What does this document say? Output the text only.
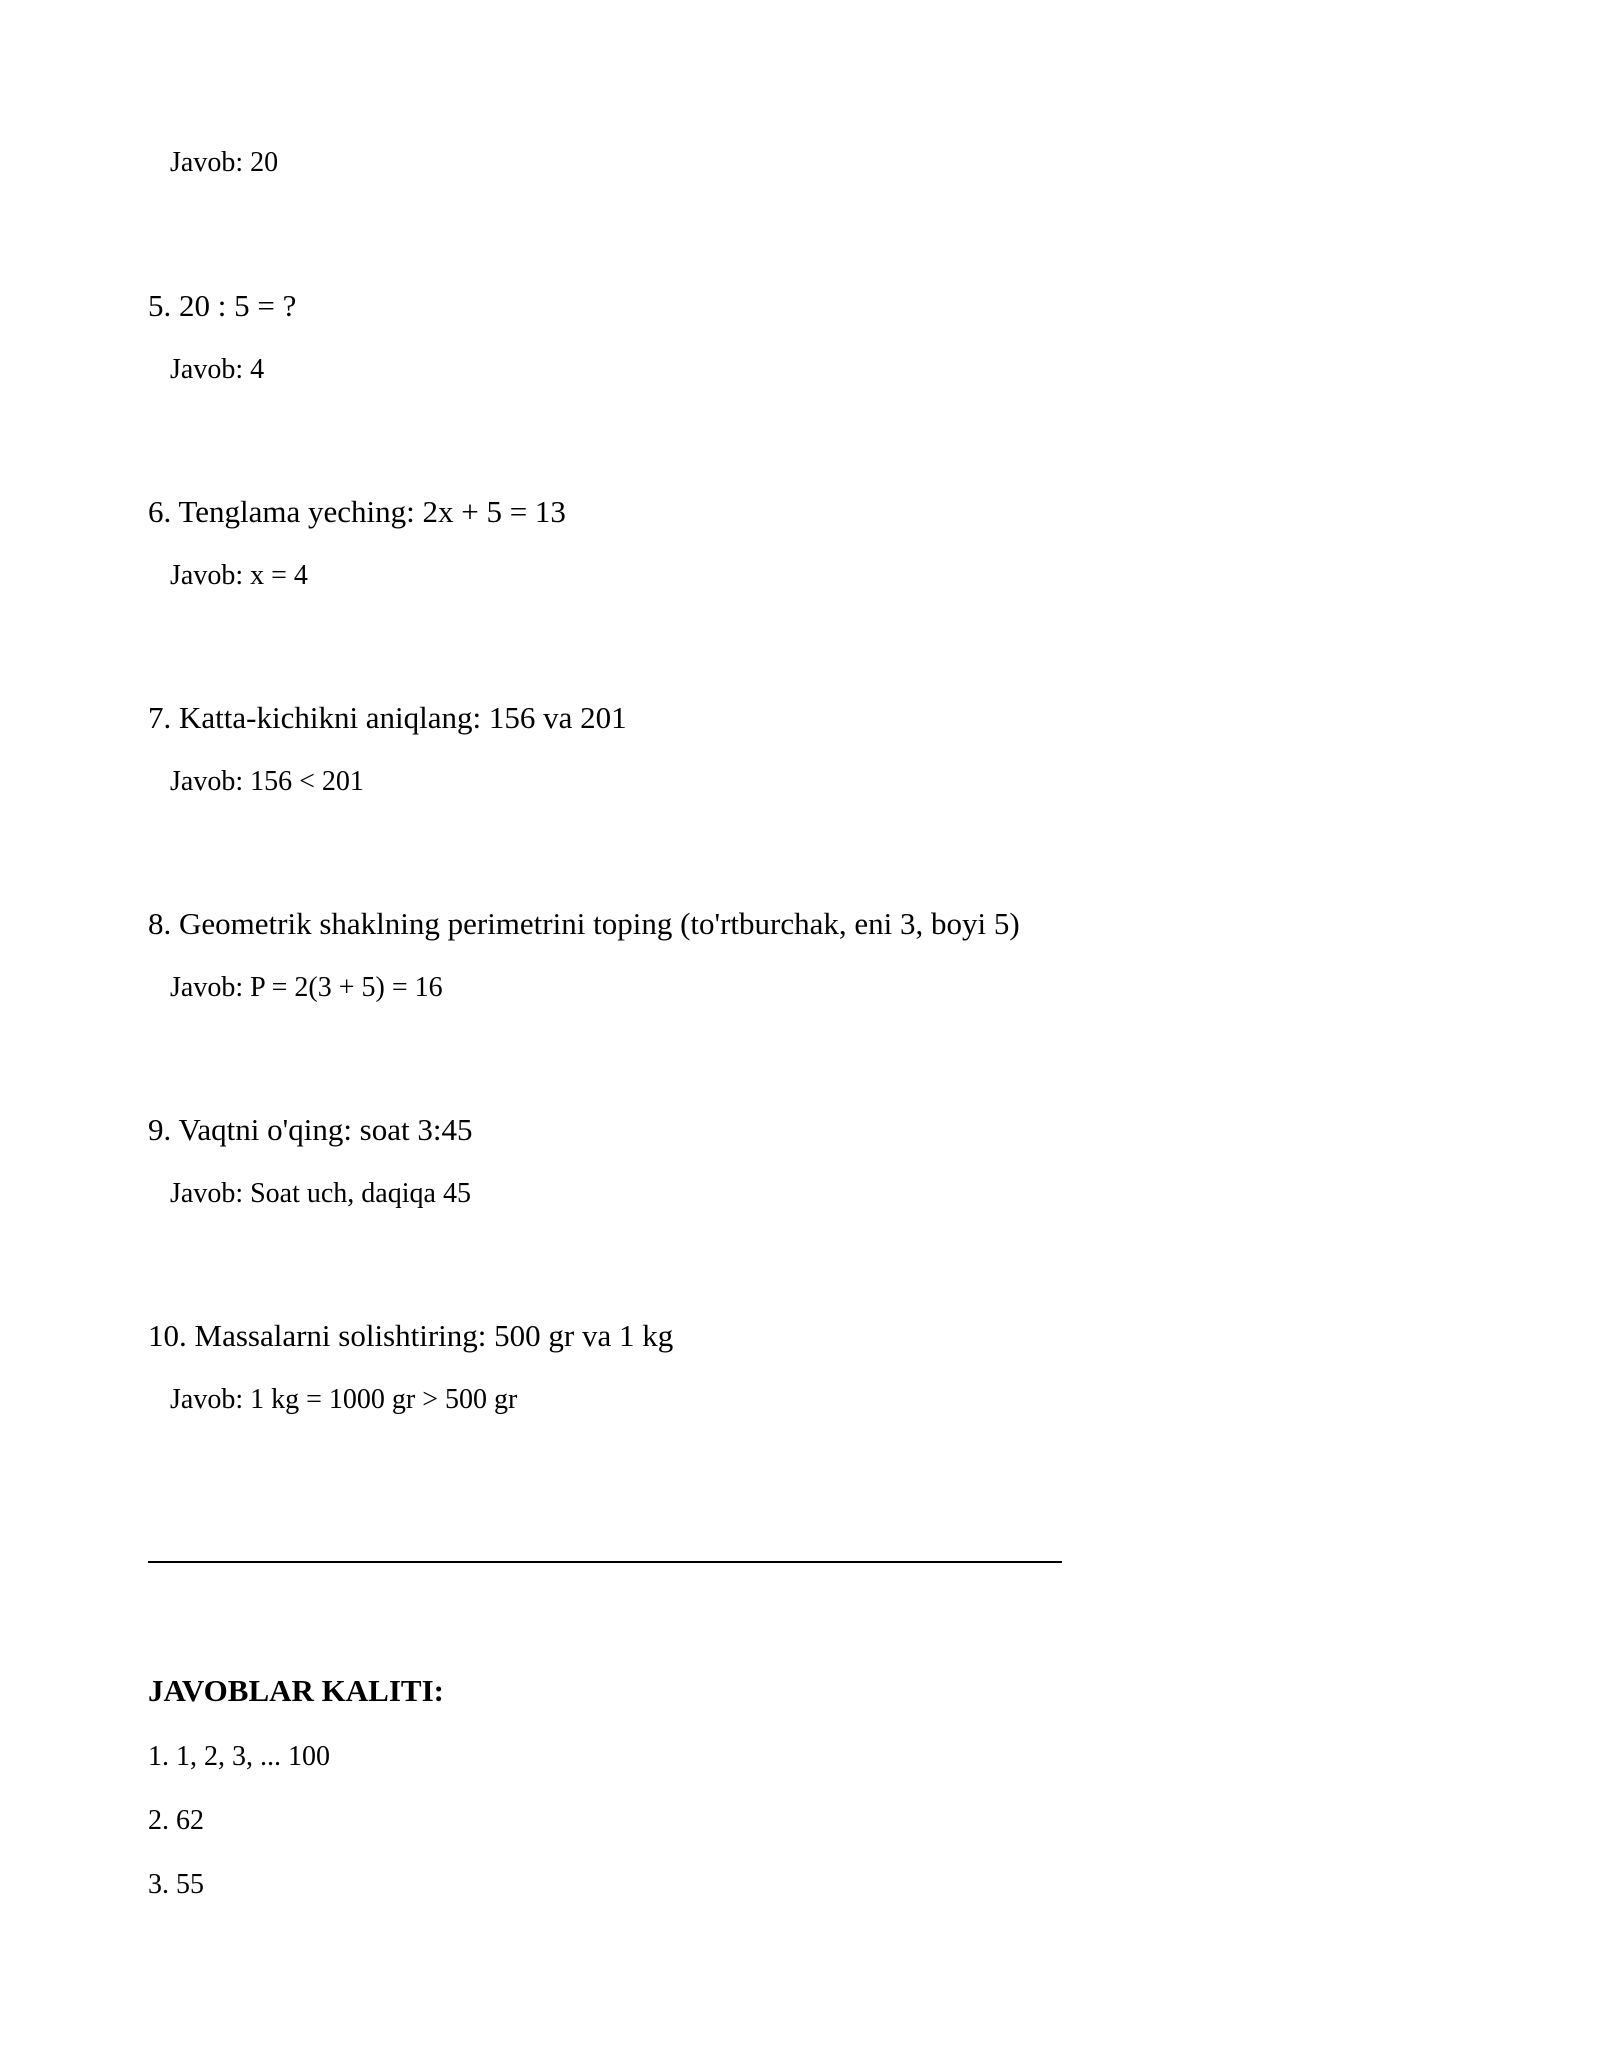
Javob: 20
5. 20 : 5 = ?
Javob: 4
6. Tenglama yeching: 2x + 5 = 13
Javob: x = 4
7. Katta-kichikni aniqlang: 156 va 201
Javob: 156 < 201
8. Geometrik shaklning perimetrini toping (to'rtburchak, eni 3, boyi 5)
Javob: P = 2(3 + 5) = 16
9. Vaqtni o'qing: soat 3:45
Javob: Soat uch, daqiqa 45
10. Massalarni solishtiring: 500 gr va 1 kg
Javob: 1 kg = 1000 gr > 500 gr
JAVOBLAR KALITI:
1. 1, 2, 3, ... 100
2. 62
3. 55
